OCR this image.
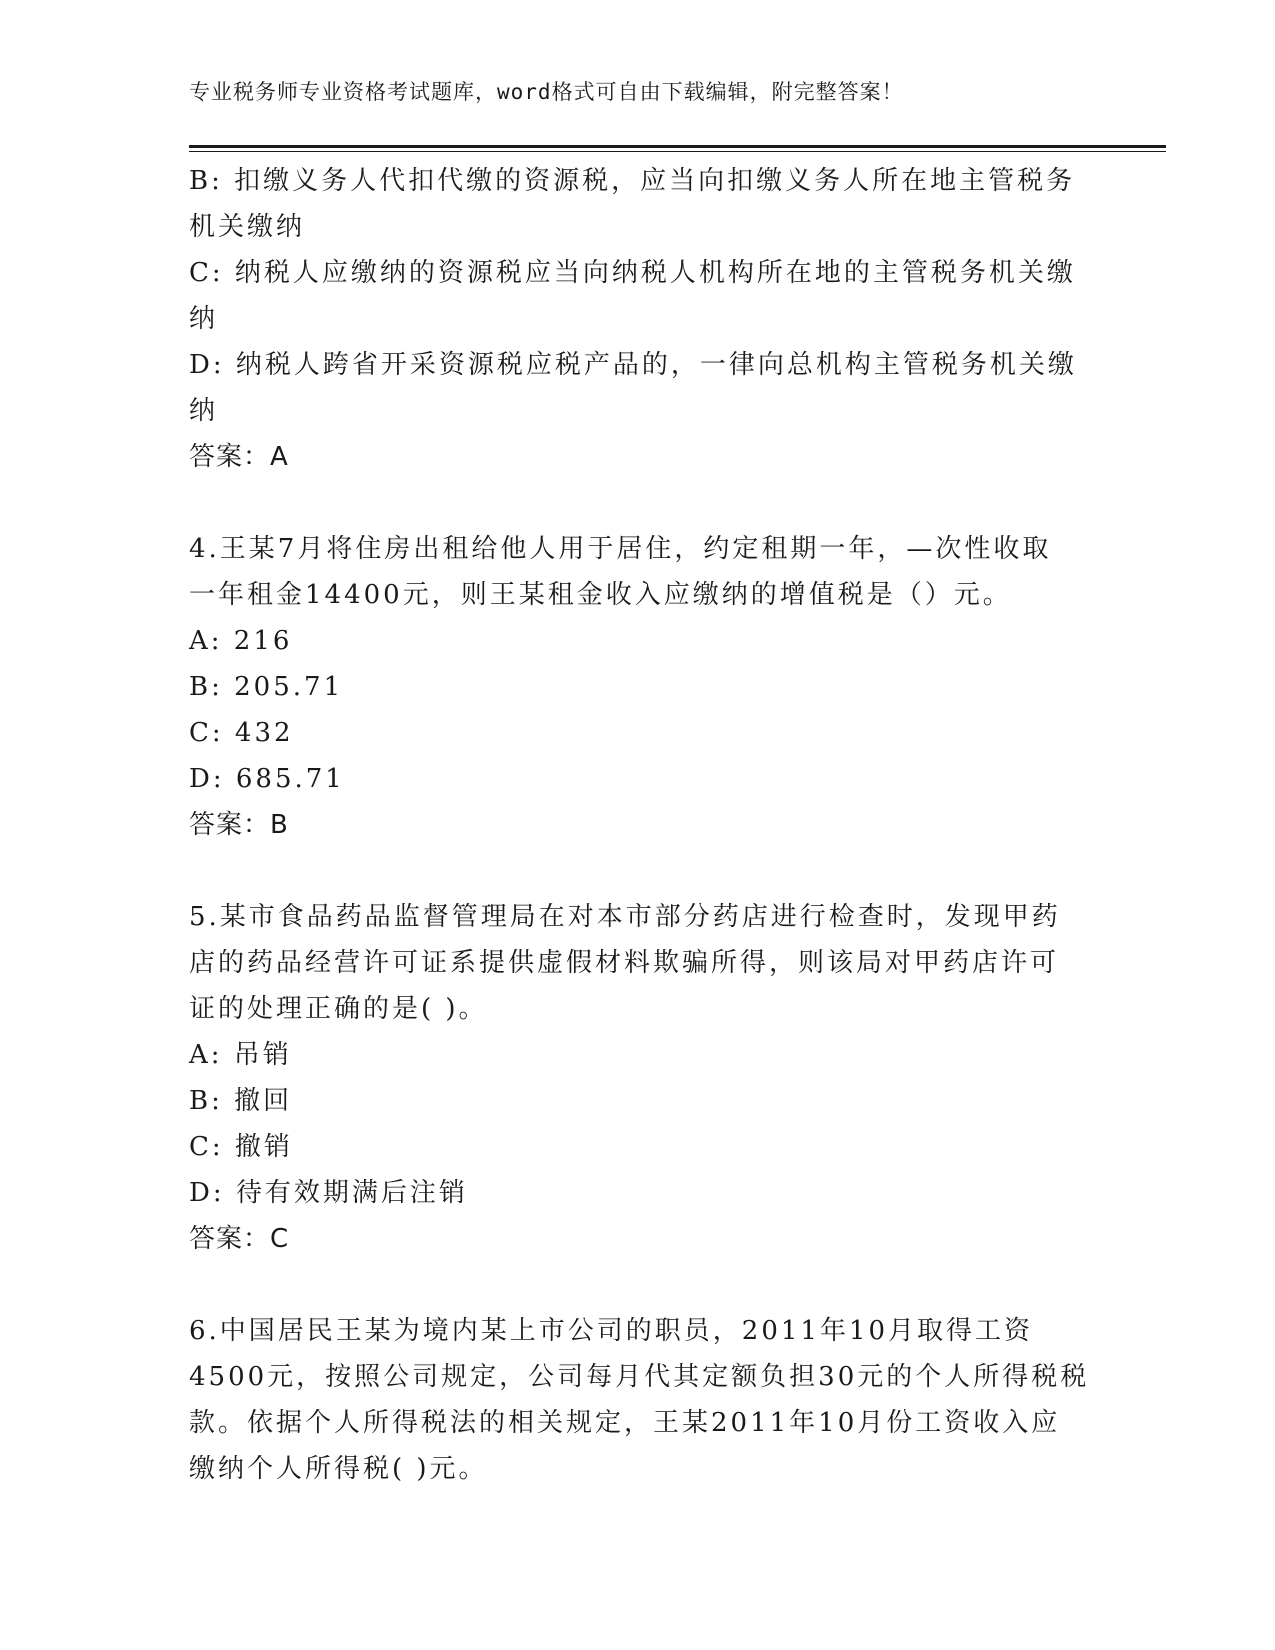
专业税务师专业资格考试题库，word格式可自由下载编辑，附完整答案！
B: 扣缴义务人代扣代缴的资源税，应当向扣缴义务人所在地主管税务
机关缴纳
C: 纳税人应缴纳的资源税应当向纳税人机构所在地的主管税务机关缴
纳
D: 纳税人跨省开采资源税应税产品的，一律向总机构主管税务机关缴
纳
答案：A
4.王某7月将住房出租给他人用于居住，约定租期一年，—次性收取
一年租金14400元，则王某租金收入应缴纳的增值税是（）元。
A: 216
B: 205.71
C: 432
D: 685.71
答案：B
5.某市食品药品监督管理局在对本市部分药店进行检查时，发现甲药
店的药品经营许可证系提供虚假材料欺骗所得，则该局对甲药店许可
证的处理正确的是( )。
A: 吊销
B: 撤回
C: 撤销
D: 待有效期满后注销
答案：C
6.中国居民王某为境内某上市公司的职员，2011年10月取得工资
4500元，按照公司规定，公司每月代其定额负担30元的个人所得税税
款。依据个人所得税法的相关规定，王某2011年10月份工资收入应
缴纳个人所得税( )元。
